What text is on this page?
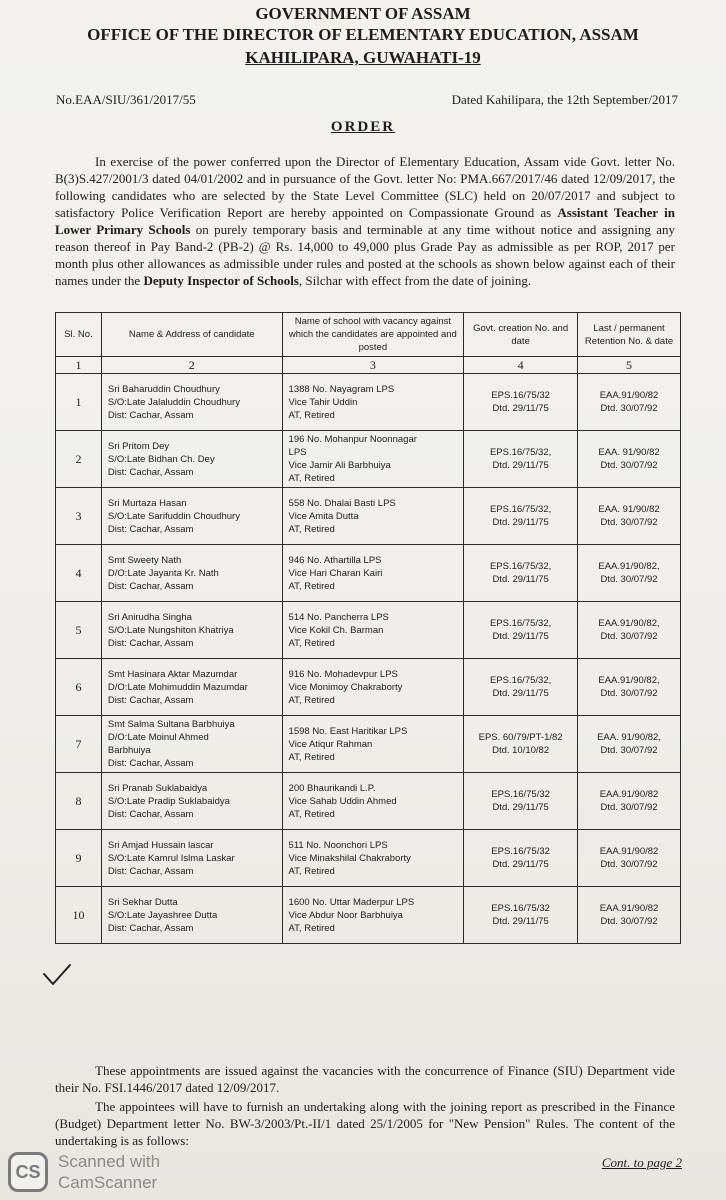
GOVERNMENT OF ASSAM
OFFICE OF THE DIRECTOR OF ELEMENTARY EDUCATION, ASSAM
KAHILIPARA, GUWAHATI-19
No.EAA/SIU/361/2017/55	Dated Kahilipara, the 12th September/2017
ORDER

In exercise of the power conferred upon the Director of Elementary Education, Assam vide Govt. letter No. B(3)S.427/2001/3 dated 04/01/2002 and in pursuance of the Govt. letter No: PMA.667/2017/46 dated 12/09/2017, the following candidates who are selected by the State Level Committee (SLC) held on 20/07/2017 and subject to satisfactory Police Verification Report are hereby appointed on Compassionate Ground as Assistant Teacher in Lower Primary Schools on purely temporary basis and terminable at any time without notice and assigning any reason thereof in Pay Band-2 (PB-2) @ Rs. 14,000 to 49,000 plus Grade Pay as admissible as per ROP, 2017 per month plus other allowances as admissible under rules and posted at the schools as shown below against each of their names under the Deputy Inspector of Schools, Silchar with effect from the date of joining.

Sl. No.	Name & Address of candidate	Name of school with vacancy against which the candidates are appointed and posted	Govt. creation No. and date	Last / permanent Retention No. & date
1	2	3	4	5
1	Sri Baharuddin Choudhury
S/O:Late Jalaluddin Choudhury
Dist: Cachar, Assam	1388 No. Nayagram LPS
Vice Tahir Uddin
AT, Retired	EPS.16/75/32
Dtd. 29/11/75	EAA.91/90/82
Dtd. 30/07/92

2	Sri Pritom Dey
S/O:Late Bidhan Ch. Dey
Dist: Cachar, Assam	196 No. Mohanpur Noonnagar
LPS
Vice Jamir Ali Barbhuiya
AT, Retired	EPS.16/75/32,
Dtd. 29/11/75	EAA. 91/90/82
Dtd. 30/07/92

3	Sri Murtaza Hasan
S/O:Late Sarifuddin Choudhury
Dist: Cachar, Assam	558 No. Dhalai Basti LPS
Vice Amita Dutta
AT, Retired	EPS.16/75/32,
Dtd. 29/11/75	EAA. 91/90/82
Dtd. 30/07/92

4	Smt Sweety Nath
D/O:Late Jayanta Kr. Nath
Dist: Cachar, Assam	946 No. Athartilla LPS
Vice Hari Charan Kairi
AT, Retired	EPS.16/75/32,
Dtd. 29/11/75	EAA.91/90/82,
Dtd. 30/07/92

5	Sri Anirudha Singha
S/O:Late Nungshiton Khatriya
Dist: Cachar, Assam	514 No. Pancherra LPS
Vice Kokil Ch. Barman
AT, Retired	EPS.16/75/32,
Dtd. 29/11/75	EAA.91/90/82,
Dtd. 30/07/92

6	Smt Hasinara Aktar Mazumdar
D/O:Late Mohimuddin Mazumdar
Dist: Cachar, Assam	916 No. Mohadevpur LPS
Vice Monimoy Chakraborty
AT, Retired	EPS.16/75/32,
Dtd. 29/11/75	EAA.91/90/82,
Dtd. 30/07/92

7	Smt Salma Sultana Barbhuiya
D/O:Late Moinul Ahmed
Barbhuiya
Dist: Cachar, Assam	1598 No. East Haritikar LPS
Vice Atiqur Rahman
AT, Retired	EPS. 60/79/PT-1/82
Dtd. 10/10/82	EAA. 91/90/82,
Dtd. 30/07/92

8	Sri Pranab Suklabaidya
S/O:Late Pradip Suklabaidya
Dist: Cachar, Assam	200 Bhaurikandi L.P.
Vice Sahab Uddin Ahmed
AT, Retired	EPS.16/75/32
Dtd. 29/11/75	EAA.91/90/82
Dtd. 30/07/92

9	Sri Amjad Hussain lascar
S/O:Late Kamrul Islma Laskar
Dist: Cachar, Assam	511 No. Noonchori LPS
Vice Minakshilal Chakraborty
AT, Retired	EPS.16/75/32
Dtd. 29/11/75	EAA.91/90/82
Dtd. 30/07/92

10	Sri Sekhar Dutta
S/O:Late Jayashree Dutta
Dist: Cachar, Assam	1600 No. Uttar Maderpur LPS
Vice Abdur Noor Barbhuiya
AT, Retired	EPS.16/75/32
Dtd. 29/11/75	EAA.91/90/82
Dtd. 30/07/92

These appointments are issued against the vacancies with the concurrence of Finance (SIU) Department vide their No. FSI.1446/2017 dated 12/09/2017.

The appointees will have to furnish an undertaking along with the joining report as prescribed in the Finance (Budget) Department letter No. BW-3/2003/Pt.-II/1 dated 25/1/2005 for "New Pension" Rules. The content of the undertaking is as follows:

Cont. to page 2
CS
Scanned with
CamScanner
